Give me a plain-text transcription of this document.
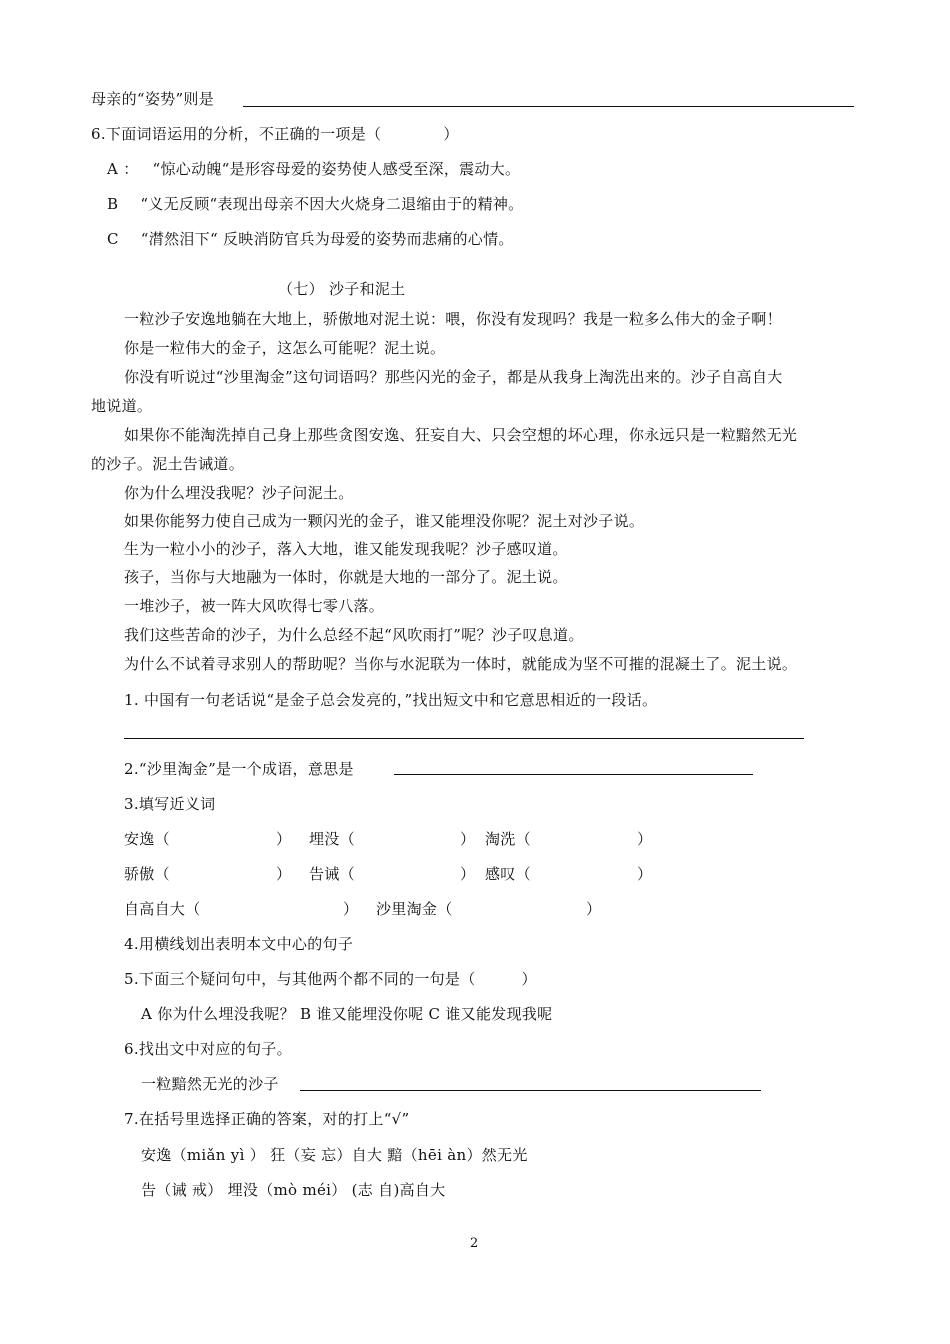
母亲的“姿势”则是
6.下面词语运用的分析，不正确的一项是（	）
A ： “惊心动魄“是形容母爱的姿势使人感受至深，震动大。
B “义无反顾“表现出母亲不因大火烧身二退缩由于的精神。
C “潸然泪下“ 反映消防官兵为母爱的姿势而悲痛的心情。
（七） 沙子和泥土
一粒沙子安逸地躺在大地上，骄傲地对泥土说：喂，你没有发现吗？我是一粒多么伟大的金子啊！
你是一粒伟大的金子，这怎么可能呢？泥土说。
你没有听说过“沙里淘金”这句词语吗？那些闪光的金子，都是从我身上淘洗出来的。沙子自高自大
地说道。
如果你不能淘洗掉自己身上那些贪图安逸、狂妄自大、只会空想的坏心理，你永远只是一粒黯然无光
的沙子。泥土告诫道。
你为什么埋没我呢？沙子问泥土。
如果你能努力使自己成为一颗闪光的金子，谁又能埋没你呢？泥土对沙子说。
生为一粒小小的沙子，落入大地，谁又能发现我呢？沙子感叹道。
孩子，当你与大地融为一体时，你就是大地的一部分了。泥土说。
一堆沙子，被一阵大风吹得七零八落。
我们这些苦命的沙子，为什么总经不起“风吹雨打”呢？沙子叹息道。
为什么不试着寻求别人的帮助呢？当你与水泥联为一体时，就能成为坚不可摧的混凝土了。泥土说。
1. 中国有一句老话说“是金子总会发亮的，”找出短文中和它意思相近的一段话。
2.“沙里淘金”是一个成语，意思是
3.填写近义词
安逸（	） 埋没（	） 淘洗（	）
骄傲（	） 告诫（	） 感叹（	）
自高自大（	） 沙里淘金（	）
4.用横线划出表明本文中心的句子
5.下面三个疑问句中，与其他两个都不同的一句是（	）
A 你为什么埋没我呢？ B 谁又能埋没你呢 C 谁又能发现我呢
6.找出文中对应的句子。
一粒黯然无光的沙子
7.在括号里选择正确的答案，对的打上“√”
安逸（miǎn yì ） 狂（妄 忘）自大 黯（hēi àn）然无光
告（诫 戒） 埋没（mò méi） (志 自)高自大
2
